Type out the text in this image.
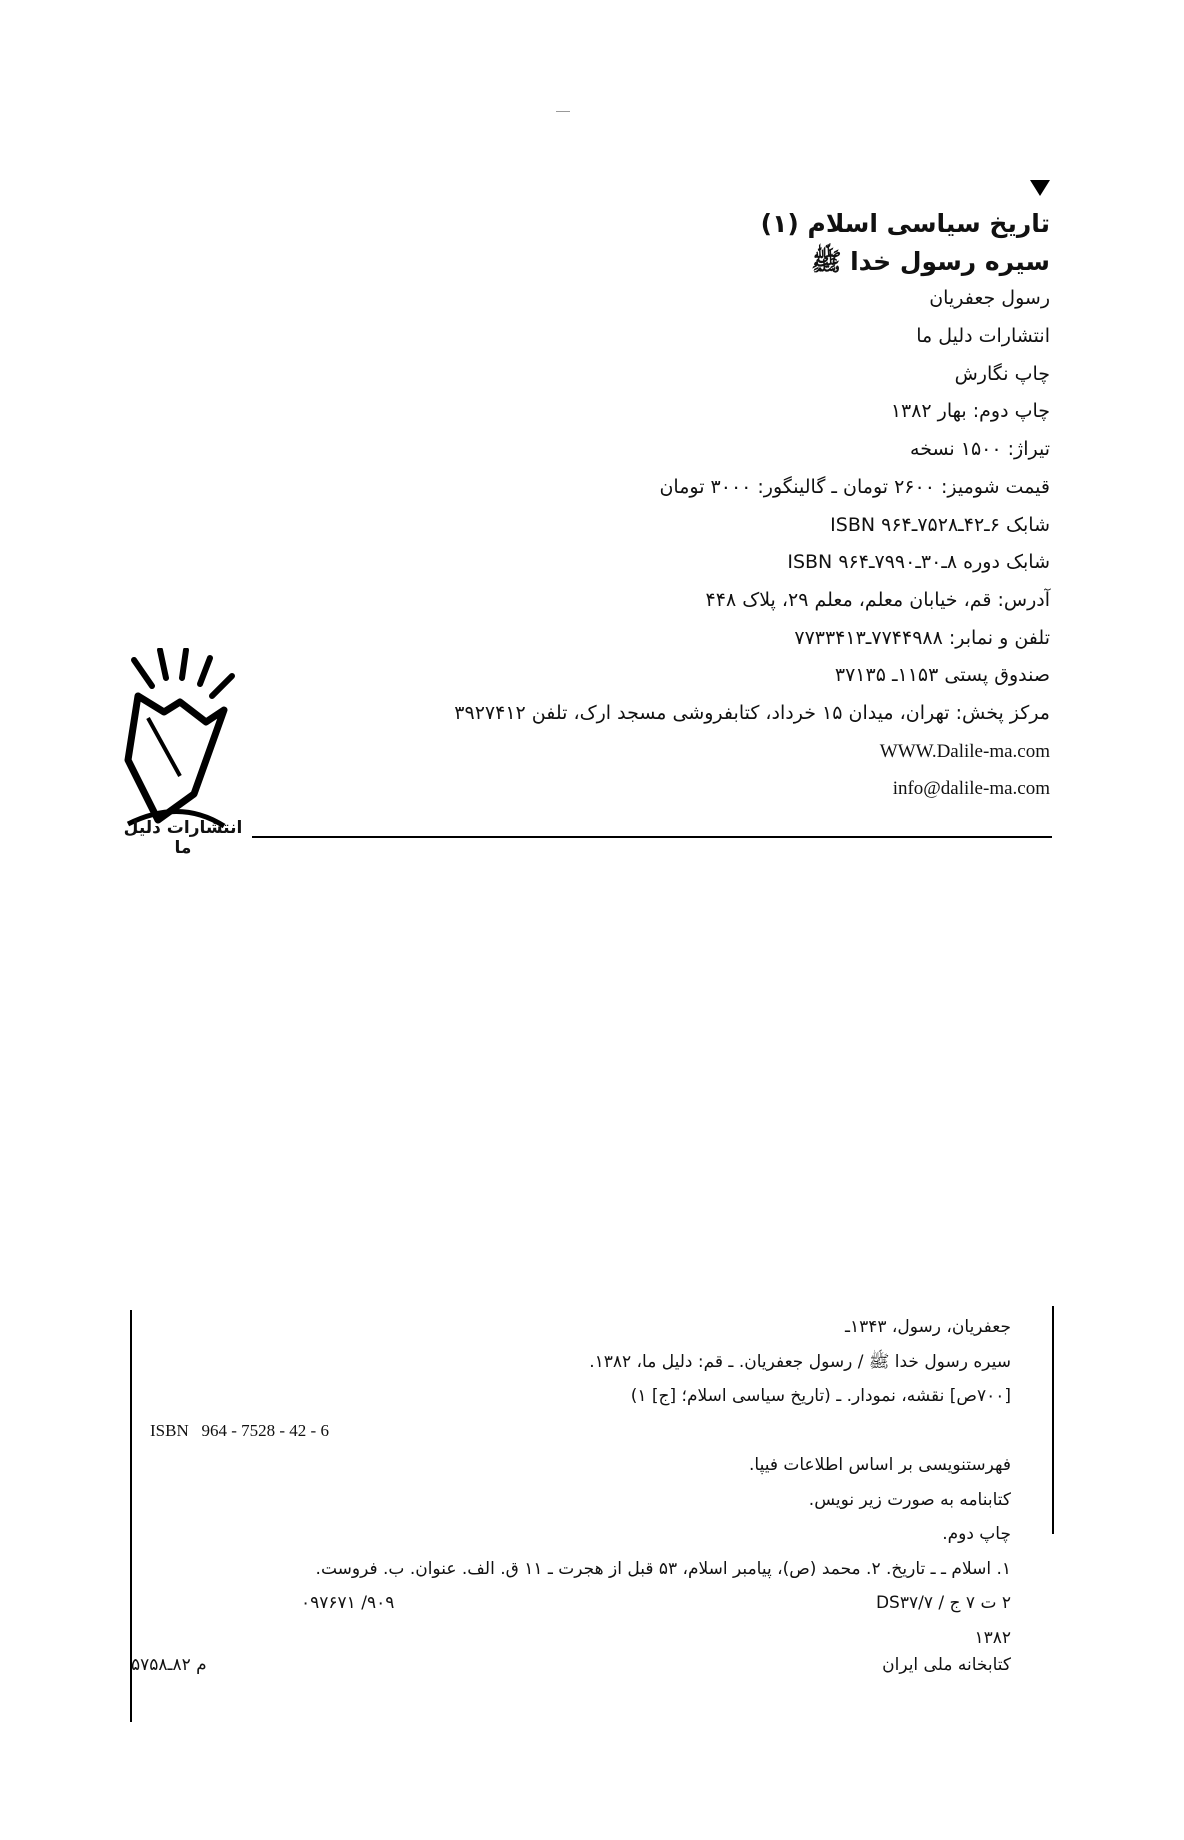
تاریخ سیاسی اسلام (۱)
سیره رسول خدا ﷺ
رسول جعفریان
انتشارات دلیل ما
چاپ نگارش
چاپ دوم: بهار ۱۳۸۲
تیراژ: ۱۵۰۰ نسخه
قیمت شومیز: ۲۶۰۰ تومان ـ گالینگور: ۳۰۰۰ تومان
شابک ۶ـ۴۲ـ۷۵۲۸ـ۹۶۴ ISBN
شابک دوره ۸ـ۳۰ـ۷۹۹۰ـ۹۶۴ ISBN
آدرس: قم، خیابان معلم، معلم ۲۹، پلاک ۴۴۸
تلفن و نمابر: ۷۷۴۴۹۸۸ـ۷۷۳۳۴۱۳
صندوق پستی ۱۱۵۳ـ ۳۷۱۳۵
مرکز پخش: تهران، میدان ۱۵ خرداد، کتابفروشی مسجد ارک، تلفن ۳۹۲۷۴۱۲
WWW.Dalile-ma.com
info@dalile-ma.com
انتشارات دلیل ما
ISBN   964 - 7528 - 42 - 6
جعفریان، رسول، ۱۳۴۳ـ
سیره رسول خدا ﷺ / رسول جعفریان. ـ قم: دلیل ما، ۱۳۸۲.
[۷۰۰ص] نقشه، نمودار. ـ (تاریخ سیاسی اسلام؛ [ج] ۱)
فهرستنویسی بر اساس اطلاعات فیپا.
کتابنامه به صورت زیر نویس.
چاپ دوم.
۱. اسلام ـ ـ تاریخ. ۲. محمد (ص)، پیامبر اسلام، ۵۳ قبل از هجرت ـ ۱۱ ق. الف. عنوان. ب. فروست.
۲ ت ۷ ج / DS۳۷/۷
۹۰۹/ ۰۹۷۶۷۱
۱۳۸۲
کتابخانه ملی ایران
م ۸۲ـ۵۷۵۸
